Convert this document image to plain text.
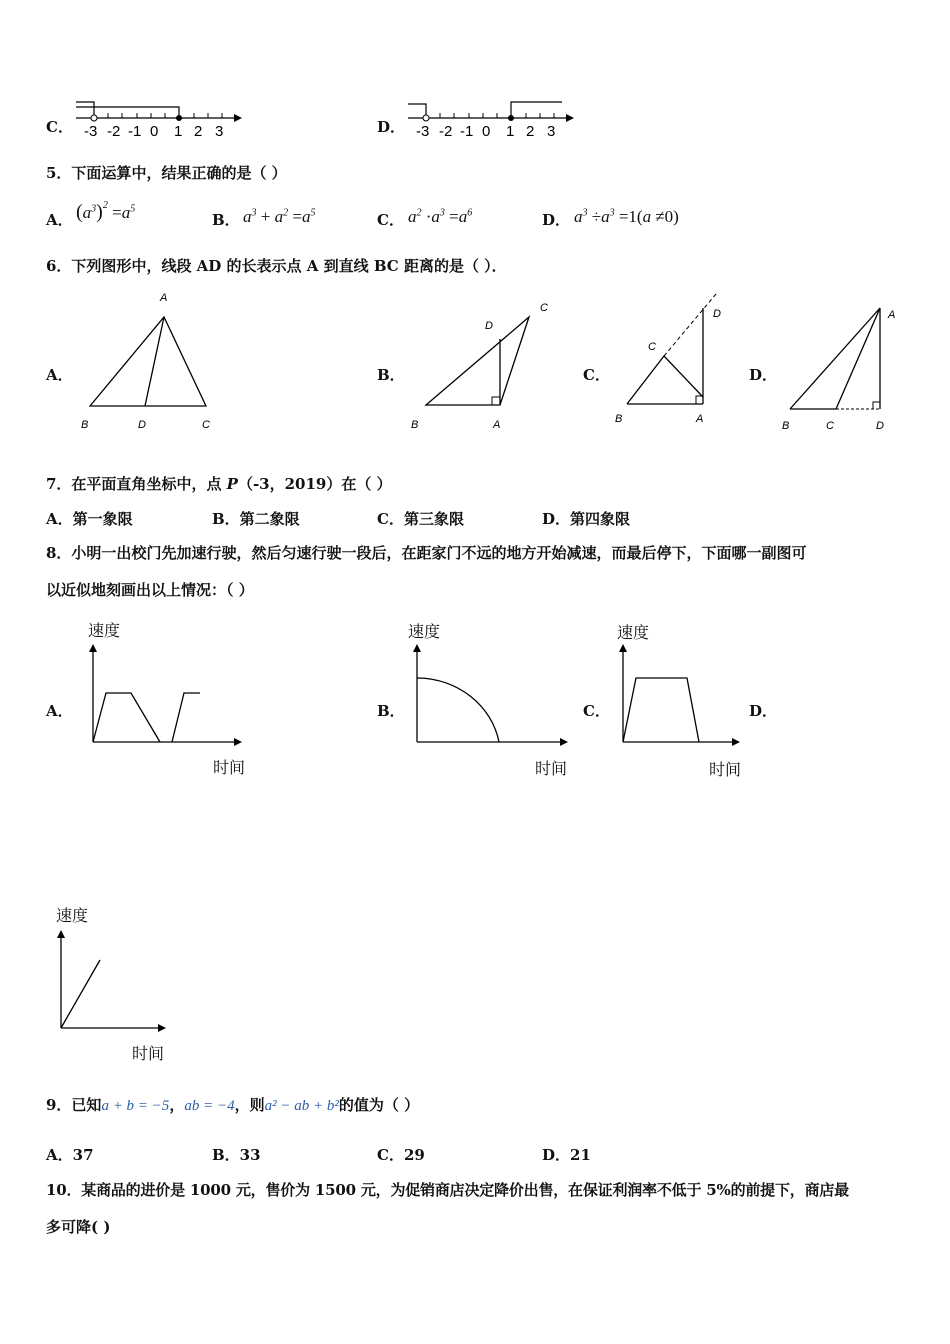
C． -3 -2 -1 0 1 2 3	D． -3 -2 -1 0 1 2 3
5．下面运算中，结果正确的是（ ）
A． $(a^3)^2 =a^5$
B． $a^3 + a^2 =a^5$	C． $a^2 \cdot a^3 =a^6$	D． $a^3 \div a^3 =1(a \ne 0)$
6．下列图形中，线段 AD 的长表示点 A 到直线 BC 距离的是（ ）．
A．
A
B	D	C
B．
D
C
B	A
C．
C
D
B	A
D．
A
B	C	D
7．在平面直角坐标中，点 P（-3，2019）在（ ）
A．第一象限	B．第二象限	C．第三象限	D．第四象限
8．小明一出校门先加速行驶，然后匀速行驶一段后，在距家门不远的地方开始减速，而最后停下，下面哪一副图可
以近似地刻画出以上情况：（ ）
A．
速度
时间
B．
速度
时间
C．
速度
时间
D．
速度
时间
9．已知a + b = −5，ab = −4，则a² − ab + b²的值为（ ）
A．37	B．33	C．29	D．21
10．某商品的进价是 1000 元，售价为 1500 元，为促销商店决定降价出售，在保证利润率不低于 5%的前提下，商店最
多可降( )
